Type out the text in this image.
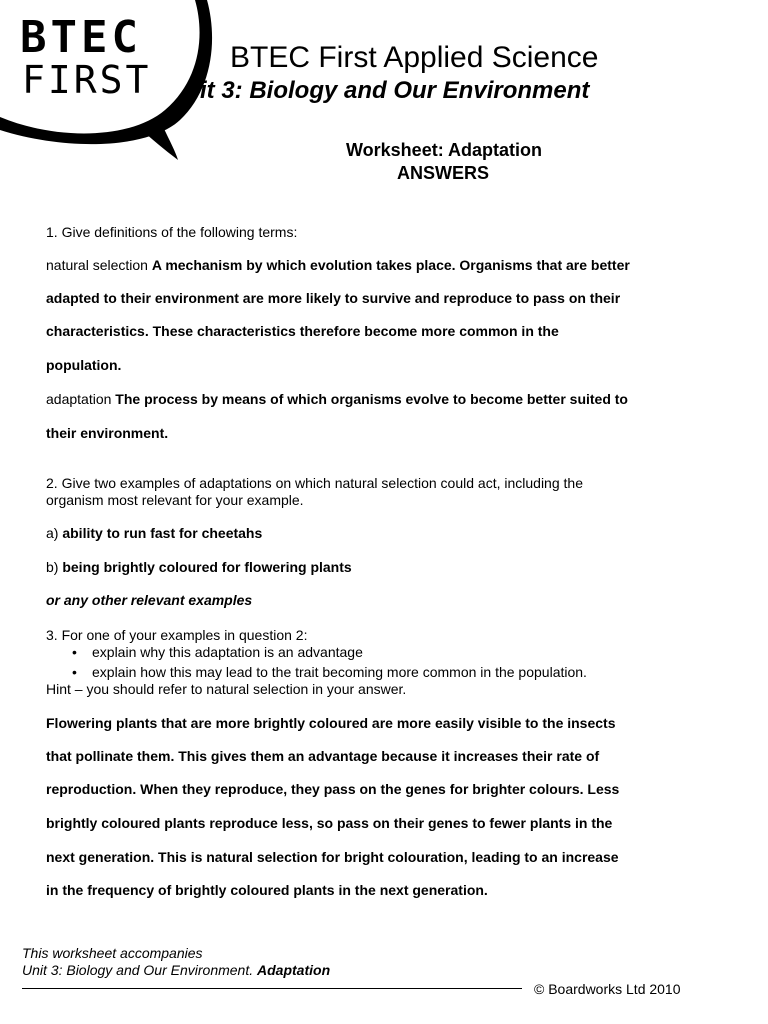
BTEC
FIRST
BTEC First Applied Science
it 3: Biology and Our Environment
Worksheet: Adaptation
ANSWERS
1. Give definitions of the following terms:
natural selection A mechanism by which evolution takes place. Organisms that are better
adapted to their environment are more likely to survive and reproduce to pass on their
characteristics. These characteristics therefore become more common in the
population.
adaptation The process by means of which organisms evolve to become better suited to
their environment.
2. Give two examples of adaptations on which natural selection could act, including the
organism most relevant for your example.
a) ability to run fast for cheetahs
b) being brightly coloured for flowering plants
or any other relevant examples
3. For one of your examples in question 2:
• explain why this adaptation is an advantage
• explain how this may lead to the trait becoming more common in the population.
Hint – you should refer to natural selection in your answer.
Flowering plants that are more brightly coloured are more easily visible to the insects
that pollinate them. This gives them an advantage because it increases their rate of
reproduction. When they reproduce, they pass on the genes for brighter colours. Less
brightly coloured plants reproduce less, so pass on their genes to fewer plants in the
next generation. This is natural selection for bright colouration, leading to an increase
in the frequency of brightly coloured plants in the next generation.
This worksheet accompanies
Unit 3: Biology and Our Environment. Adaptation
© Boardworks Ltd 2010
